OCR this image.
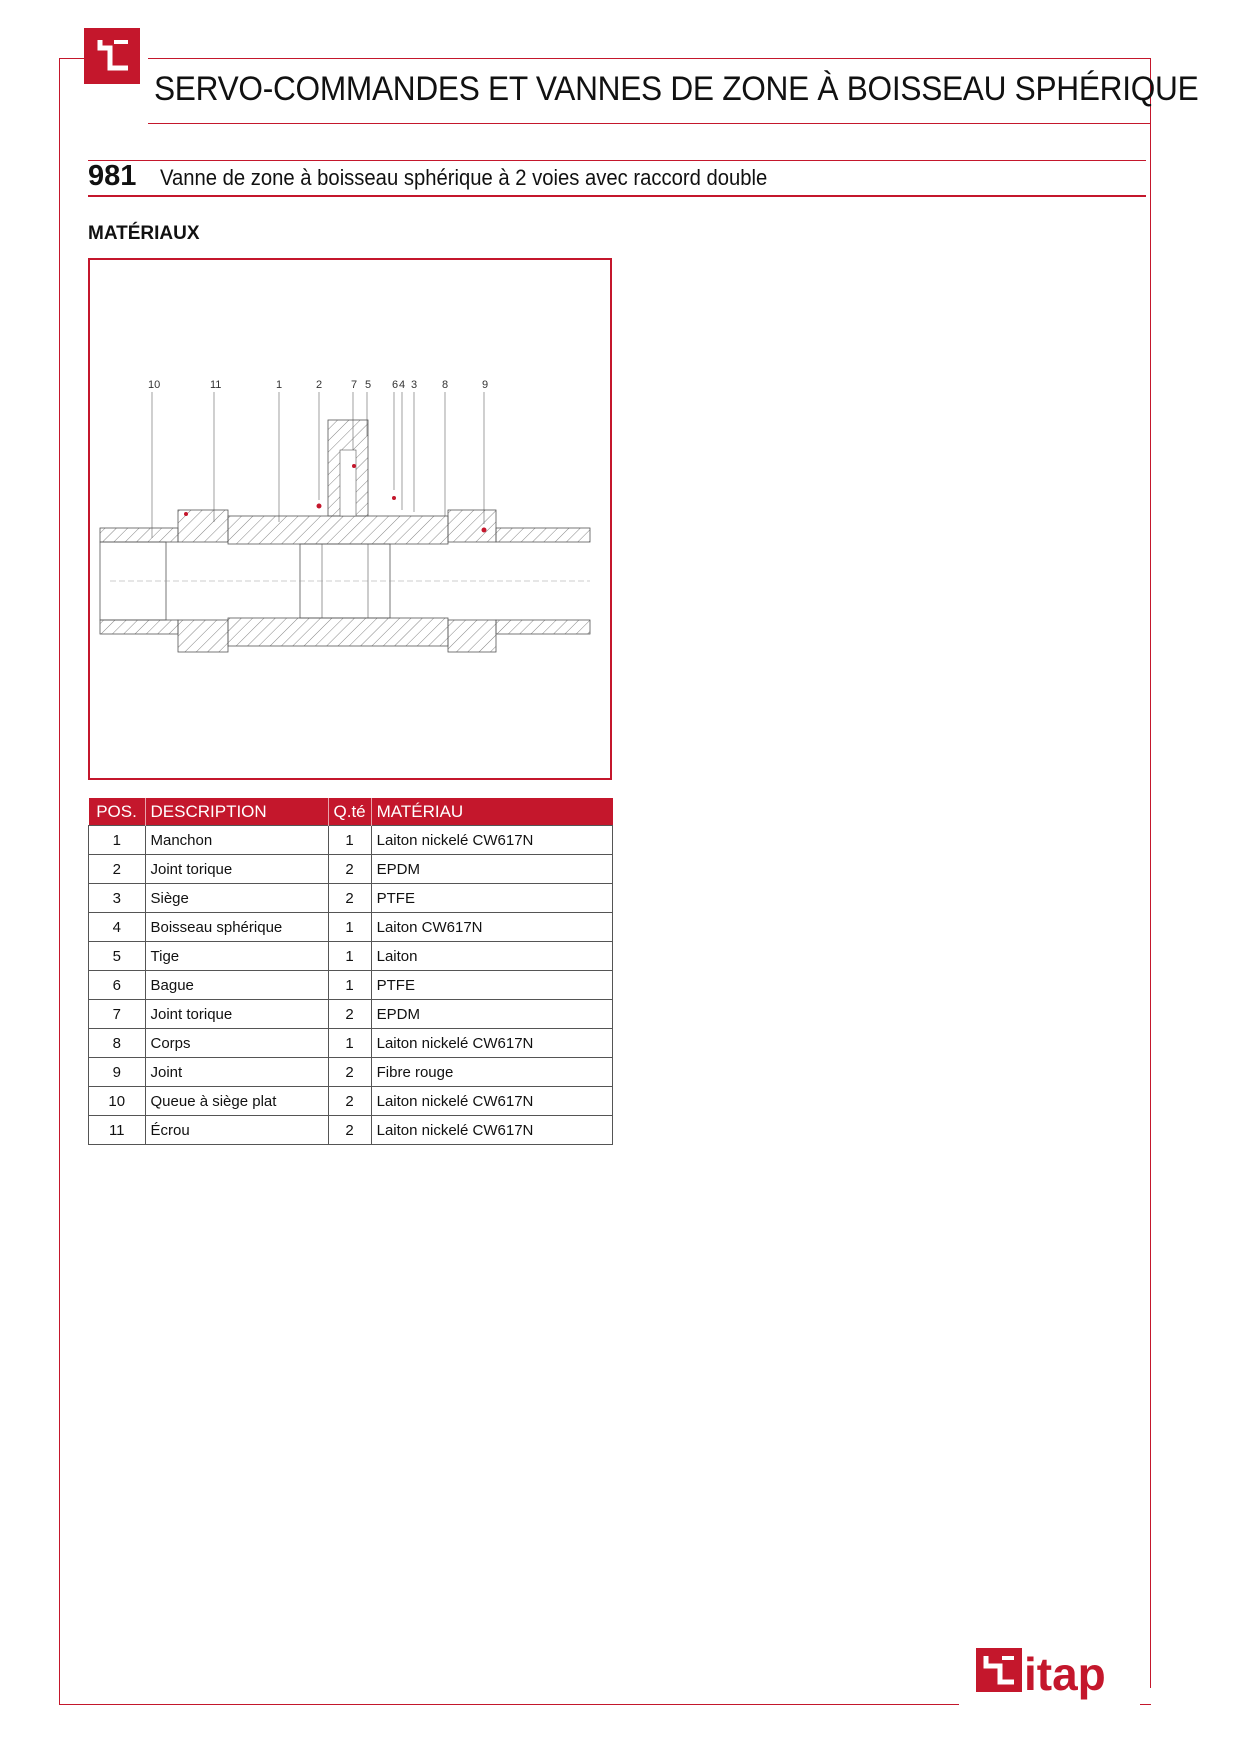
SERVO-COMMANDES ET VANNES DE ZONE À BOISSEAU SPHÉRIQUE
981 Vanne de zone à boisseau sphérique à 2 voies avec raccord double
MATÉRIAUX
10	11	1	2	7 5 6 4 3 8	9
POS.	DESCRIPTION	Q.té	MATÉRIAU
1	Manchon	1	Laiton nickelé CW617N
2	Joint torique	2	EPDM
3	Siège	2	PTFE
4	Boisseau sphérique	1	Laiton CW617N
5	Tige	1	Laiton
6	Bague	1	PTFE
7	Joint torique	2	EPDM
8	Corps	1	Laiton nickelé CW617N
9	Joint	2	Fibre rouge
10	Queue à siège plat	2	Laiton nickelé CW617N
11	Écrou	2	Laiton nickelé CW617N
itap
